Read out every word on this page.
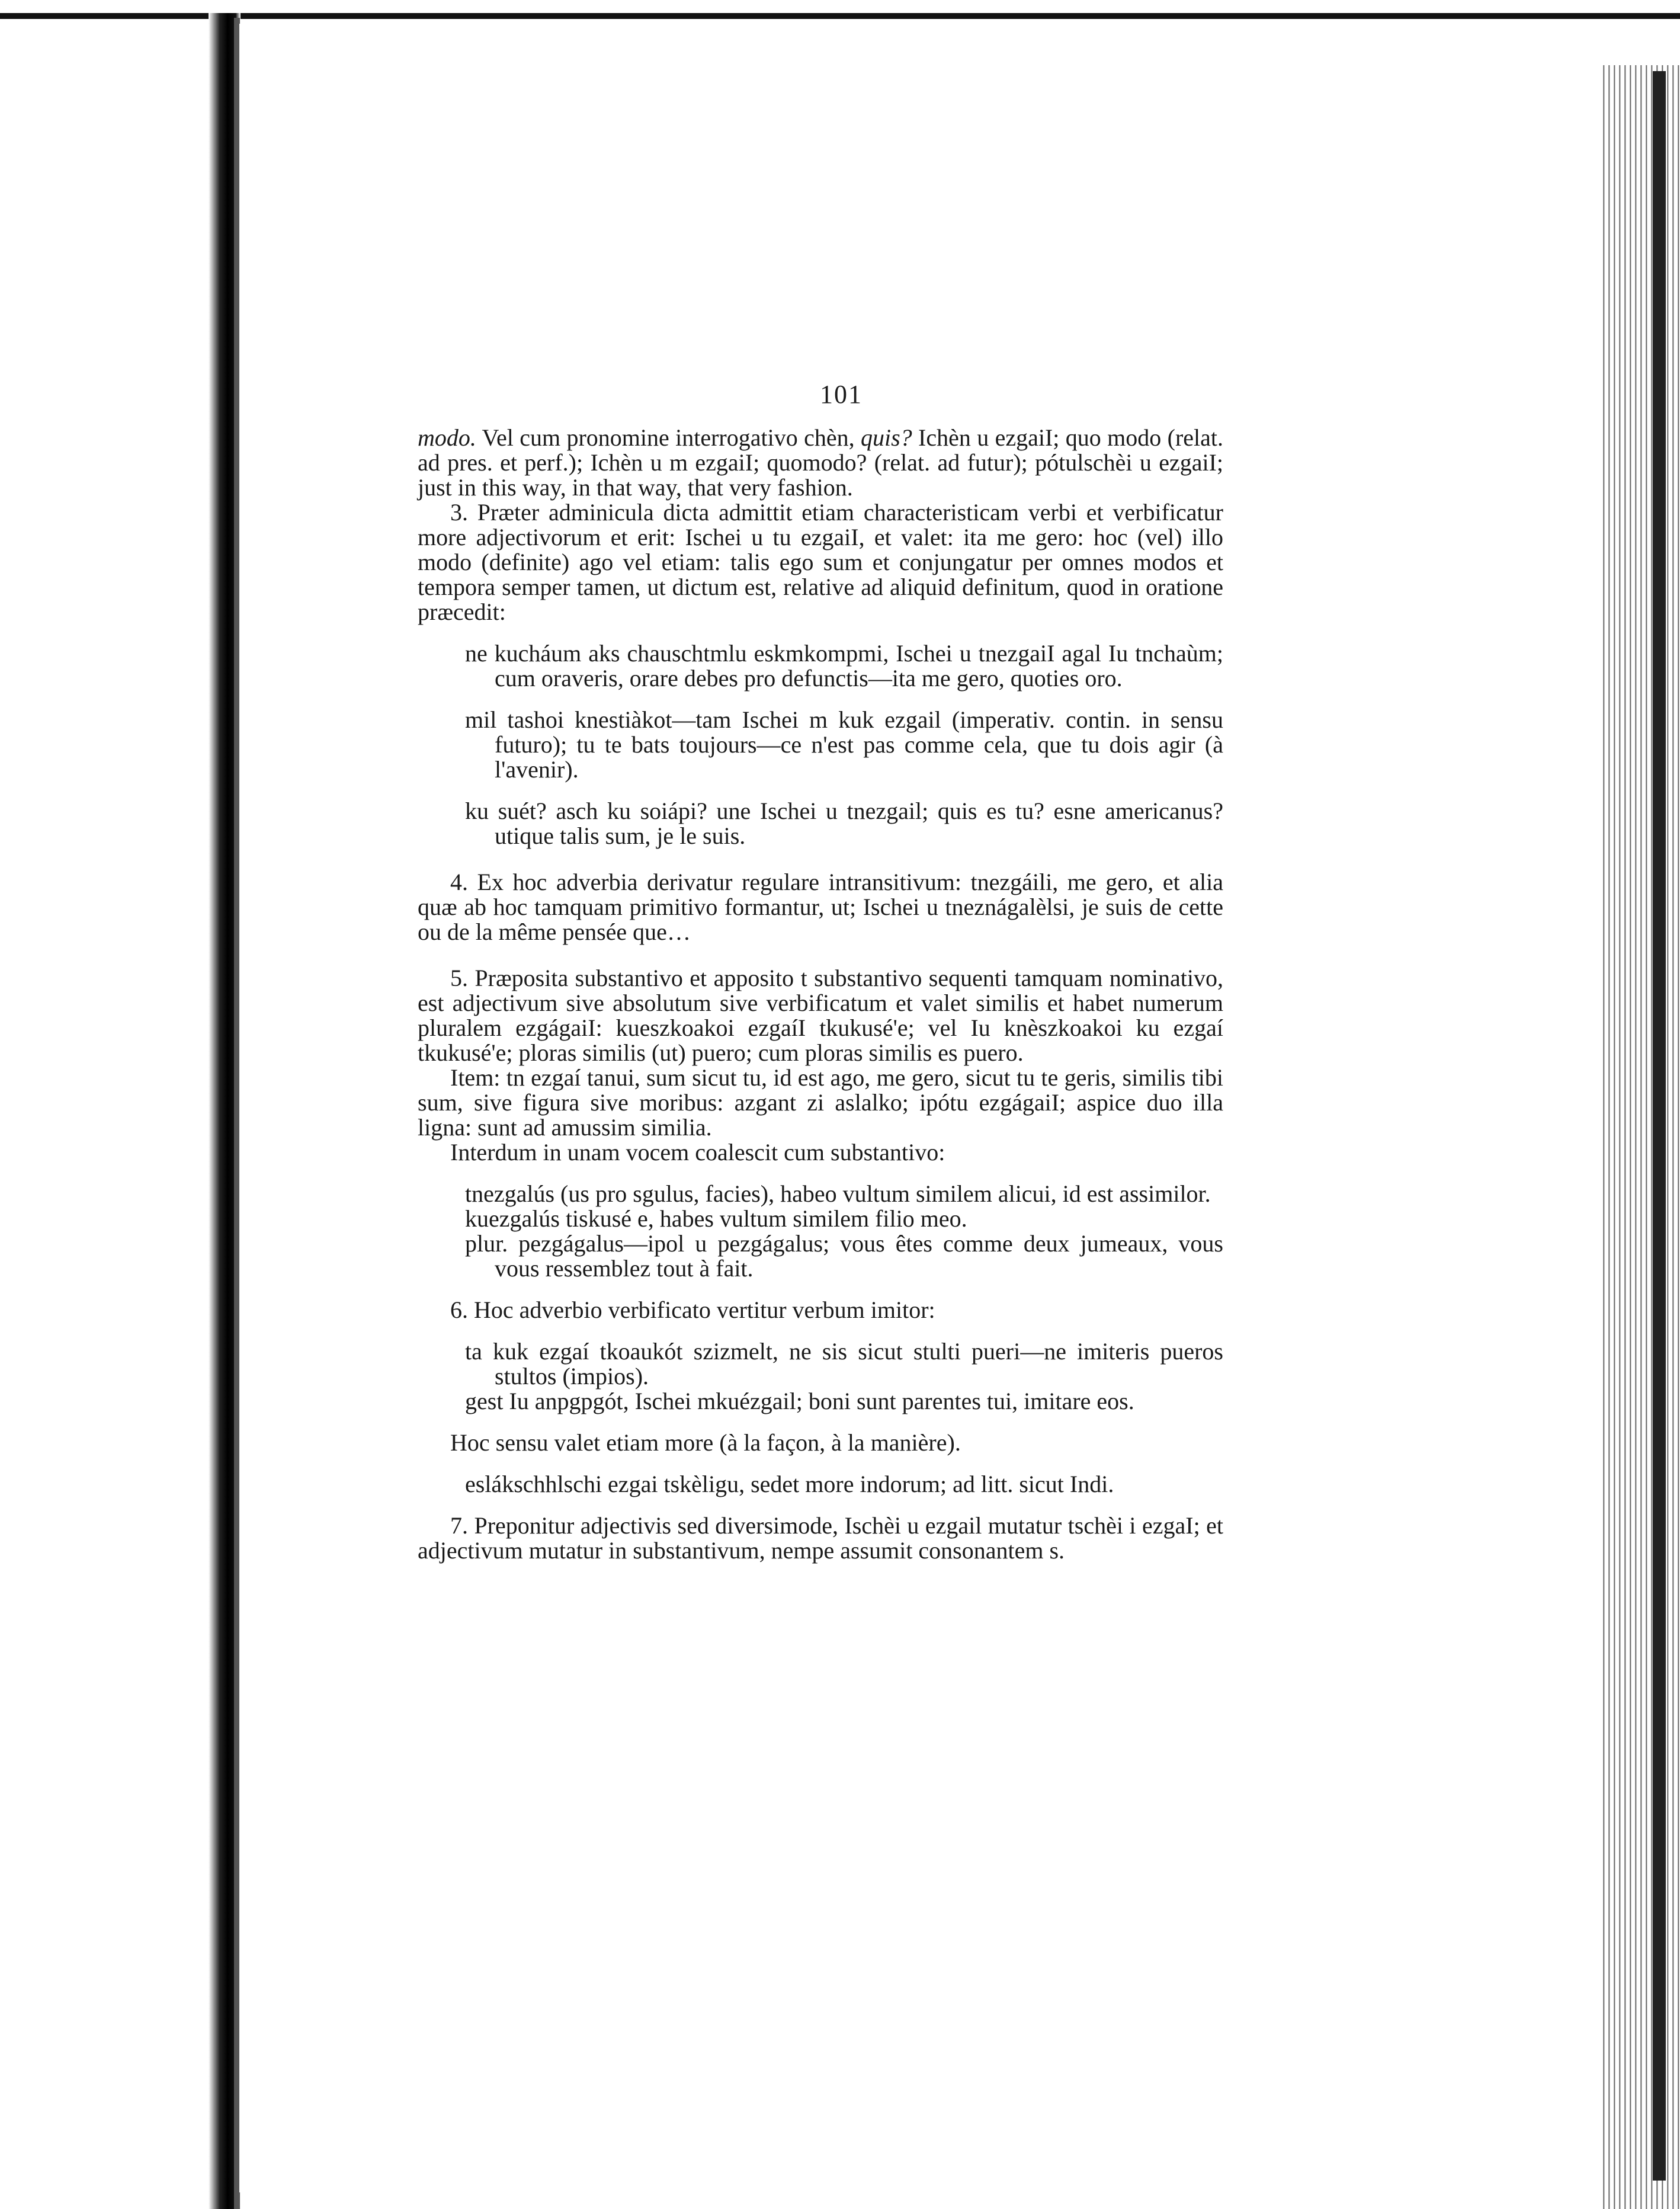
101

modo. Vel cum pronomine interrogativo chèn, quis? Ichèn u ezgaiI; quo modo (relat. ad pres. et perf.); Ichèn u m ezgaiI; quomodo? (relat. ad futur); pótulschèi u ezgaiI; just in this way, in that way, that very fashion.

3. Præter adminicula dicta admittit etiam characteristicam verbi et verbificatur more adjectivorum et erit: Ischei u tu ezgaiI, et valet: ita me gero: hoc (vel) illo modo (definite) ago vel etiam: talis ego sum et conjungatur per omnes modos et tempora semper tamen, ut dictum est, relative ad aliquid definitum, quod in oratione præcedit:

ne kucháum aks chauschtmlu eskmkompmi, Ischei u tnezgaiI agal Iu tnchaùm; cum oraveris, orare debes pro defunctis—ita me gero, quoties oro.

mil tashoi knestiàkot—tam Ischei m kuk ezgail (imperativ. contin. in sensu futuro); tu te bats toujours—ce n'est pas comme cela, que tu dois agir (à l'avenir).

ku suét? asch ku soiápi? une Ischei u tnezgail; quis es tu? esne americanus? utique talis sum, je le suis.

4. Ex hoc adverbia derivatur regulare intransitivum: tnezgáili, me gero, et alia quæ ab hoc tamquam primitivo formantur, ut; Ischei u tneznágalèlsi, je suis de cette ou de la même pensée que…

5. Præposita substantivo et apposito t substantivo sequenti tamquam nominativo, est adjectivum sive absolutum sive verbificatum et valet similis et habet numerum pluralem ezgágaiI: kueszkoakoi ezgaíI tkukusé'e; vel Iu knèszkoakoi ku ezgaí tkukusé'e; ploras similis (ut) puero; cum ploras similis es puero.

Item: tn ezgaí tanui, sum sicut tu, id est ago, me gero, sicut tu te geris, similis tibi sum, sive figura sive moribus: azgant zi aslalko; ipótu ezgágaiI; aspice duo illa ligna: sunt ad amussim similia.

Interdum in unam vocem coalescit cum substantivo:

tnezgalús (us pro sgulus, facies), habeo vultum similem alicui, id est assimilor.

kuezgalús tiskusé e, habes vultum similem filio meo.

plur. pezgágalus—ipol u pezgágalus; vous êtes comme deux jumeaux, vous vous ressemblez tout à fait.

6. Hoc adverbio verbificato vertitur verbum imitor:

ta kuk ezgaí tkoaukót szizmelt, ne sis sicut stulti pueri—ne imiteris pueros stultos (impios).

gest Iu anpgpgót, Ischei mkuézgail; boni sunt parentes tui, imitare eos.

Hoc sensu valet etiam more (à la façon, à la manière).

eslákschhlschi ezgai tskèligu, sedet more indorum; ad litt. sicut Indi.

7. Preponitur adjectivis sed diversimode, Ischèi u ezgail mutatur tschèi i ezgaI; et adjectivum mutatur in substantivum, nempe assumit consonantem s.
